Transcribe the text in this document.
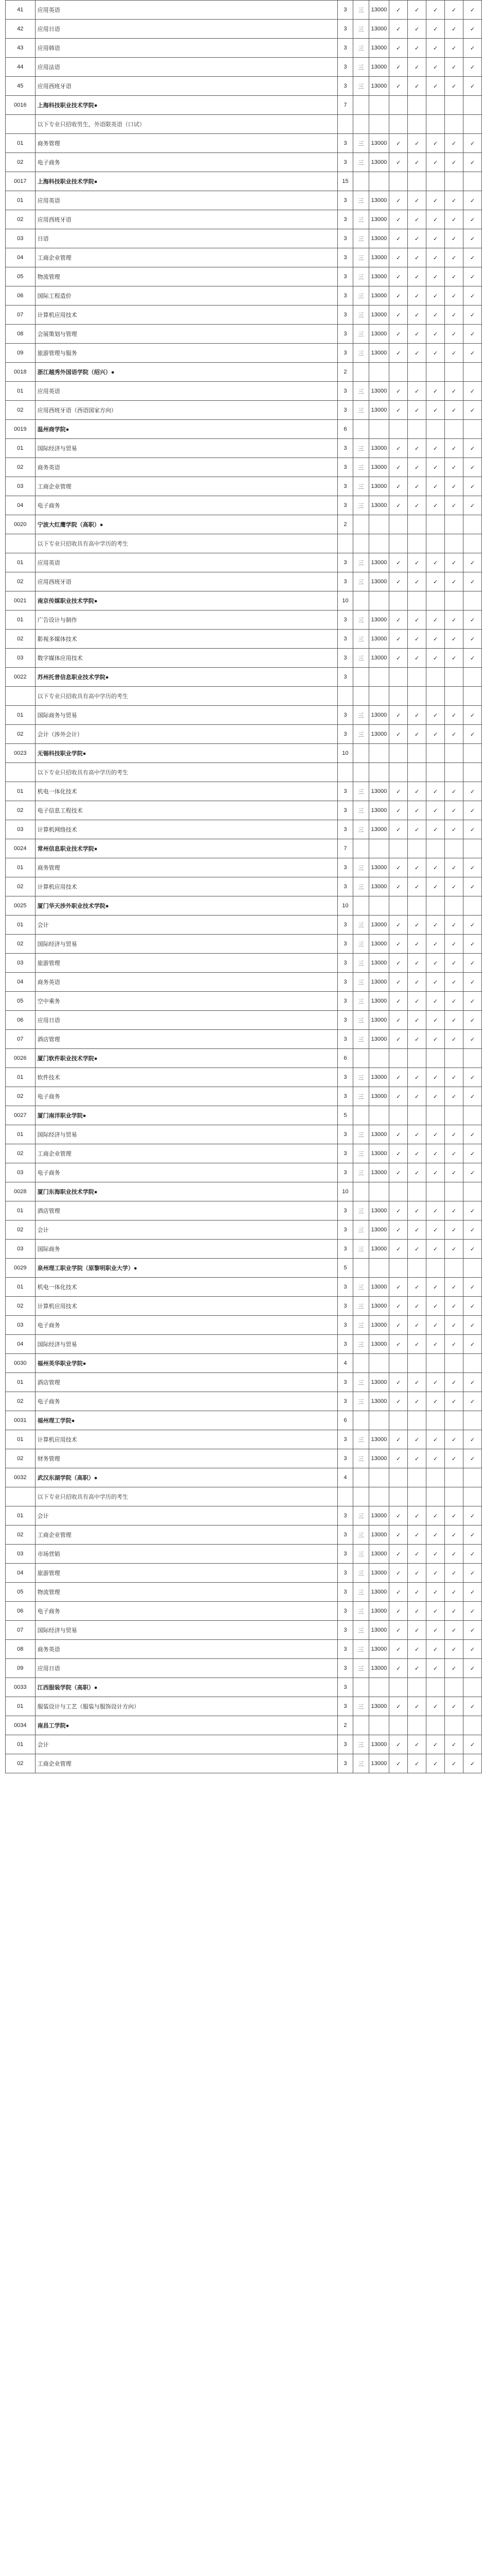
41	应用英语	3	三	13000	✓	✓	✓	✓	✓
42	应用日语	3	三	13000	✓	✓	✓	✓	✓
43	应用韩语	3	三	13000	✓	✓	✓	✓	✓
44	应用法语	3	三	13000	✓	✓	✓	✓	✓
45	应用西班牙语	3	三	13000	✓	✓	✓	✓	✓
0016	上海科技职业技术学院●	7							
	以下专业只招收男生，外语限英语（口试）								
01	商务管理	3	三	13000	✓	✓	✓	✓	✓
02	电子商务	3	三	13000	✓	✓	✓	✓	✓
0017	上海科技职业技术学院●	15							
01	应用英语	3	三	13000	✓	✓	✓	✓	✓
02	应用西班牙语	3	三	13000	✓	✓	✓	✓	✓
03	日语	3	三	13000	✓	✓	✓	✓	✓
04	工商企业管理	3	三	13000	✓	✓	✓	✓	✓
05	物流管理	3	三	13000	✓	✓	✓	✓	✓
06	国际工程造价	3	三	13000	✓	✓	✓	✓	✓
07	计算机应用技术	3	三	13000	✓	✓	✓	✓	✓
08	会展策划与管理	3	三	13000	✓	✓	✓	✓	✓
09	旅游管理与服务	3	三	13000	✓	✓	✓	✓	✓
0018	浙江越秀外国语学院（绍兴）●	2							
01	应用英语	3	三	13000	✓	✓	✓	✓	✓
02	应用西班牙语（西语国家方向）	3	三	13000	✓	✓	✓	✓	✓
0019	温州商学院●	6							
01	国际经济与贸易	3	三	13000	✓	✓	✓	✓	✓
02	商务英语	3	三	13000	✓	✓	✓	✓	✓
03	工商企业管理	3	三	13000	✓	✓	✓	✓	✓
04	电子商务	3	三	13000	✓	✓	✓	✓	✓
0020	宁波大红鹰学院（高职）●	2							
	以下专业只招收具有高中学历的考生								
01	应用英语	3	三	13000	✓	✓	✓	✓	✓
02	应用西班牙语	3	三	13000	✓	✓	✓	✓	✓
0021	南京传媒职业技术学院●	10							
01	广告设计与制作	3	三	13000	✓	✓	✓	✓	✓
02	影视多媒体技术	3	三	13000	✓	✓	✓	✓	✓
03	数字媒体应用技术	3	三	13000	✓	✓	✓	✓	✓
0022	苏州托普信息职业技术学院●	3							
	以下专业只招收具有高中学历的考生								
01	国际商务与贸易	3	三	13000	✓	✓	✓	✓	✓
02	会计（涉外会计）	3	三	13000	✓	✓	✓	✓	✓
0023	无锡科技职业学院●	10							
	以下专业只招收具有高中学历的考生								
01	机电一体化技术	3	三	13000	✓	✓	✓	✓	✓
02	电子信息工程技术	3	三	13000	✓	✓	✓	✓	✓
03	计算机网络技术	3	三	13000	✓	✓	✓	✓	✓
0024	常州信息职业技术学院●	7							
01	商务管理	3	三	13000	✓	✓	✓	✓	✓
02	计算机应用技术	3	三	13000	✓	✓	✓	✓	✓
0025	厦门华天涉外职业技术学院●	10							
01	会计	3	三	13000	✓	✓	✓	✓	✓
02	国际经济与贸易	3	三	13000	✓	✓	✓	✓	✓
03	旅游管理	3	三	13000	✓	✓	✓	✓	✓
04	商务英语	3	三	13000	✓	✓	✓	✓	✓
05	空中乘务	3	三	13000	✓	✓	✓	✓	✓
06	应用日语	3	三	13000	✓	✓	✓	✓	✓
07	酒店管理	3	三	13000	✓	✓	✓	✓	✓
0026	厦门软件职业技术学院●	6							
01	软件技术	3	三	13000	✓	✓	✓	✓	✓
02	电子商务	3	三	13000	✓	✓	✓	✓	✓
0027	厦门南洋职业学院●	5							
01	国际经济与贸易	3	三	13000	✓	✓	✓	✓	✓
02	工商企业管理	3	三	13000	✓	✓	✓	✓	✓
03	电子商务	3	三	13000	✓	✓	✓	✓	✓
0028	厦门东海职业技术学院●	10							
01	酒店管理	3	三	13000	✓	✓	✓	✓	✓
02	会计	3	三	13000	✓	✓	✓	✓	✓
03	国际商务	3	三	13000	✓	✓	✓	✓	✓
0029	泉州理工职业学院（原黎明职业大学）●	5							
01	机电一体化技术	3	三	13000	✓	✓	✓	✓	✓
02	计算机应用技术	3	三	13000	✓	✓	✓	✓	✓
03	电子商务	3	三	13000	✓	✓	✓	✓	✓
04	国际经济与贸易	3	三	13000	✓	✓	✓	✓	✓
0030	福州英华职业学院●	4							
01	酒店管理	3	三	13000	✓	✓	✓	✓	✓
02	电子商务	3	三	13000	✓	✓	✓	✓	✓
0031	福州理工学院●	6							
01	计算机应用技术	3	三	13000	✓	✓	✓	✓	✓
02	财务管理	3	三	13000	✓	✓	✓	✓	✓
0032	武汉东湖学院（高职）●	4							
	以下专业只招收具有高中学历的考生								
01	会计	3	三	13000	✓	✓	✓	✓	✓
02	工商企业管理	3	三	13000	✓	✓	✓	✓	✓
03	市场营销	3	三	13000	✓	✓	✓	✓	✓
04	旅游管理	3	三	13000	✓	✓	✓	✓	✓
05	物流管理	3	三	13000	✓	✓	✓	✓	✓
06	电子商务	3	三	13000	✓	✓	✓	✓	✓
07	国际经济与贸易	3	三	13000	✓	✓	✓	✓	✓
08	商务英语	3	三	13000	✓	✓	✓	✓	✓
09	应用日语	3	三	13000	✓	✓	✓	✓	✓
0033	江西服装学院（高职）●	3							
01	服装设计与工艺（服装与服饰设计方向）	3	三	13000	✓	✓	✓	✓	✓
0034	南昌工学院●	2							
01	会计	3	三	13000	✓	✓	✓	✓	✓
02	工商企业管理	3	三	13000	✓	✓	✓	✓	✓
